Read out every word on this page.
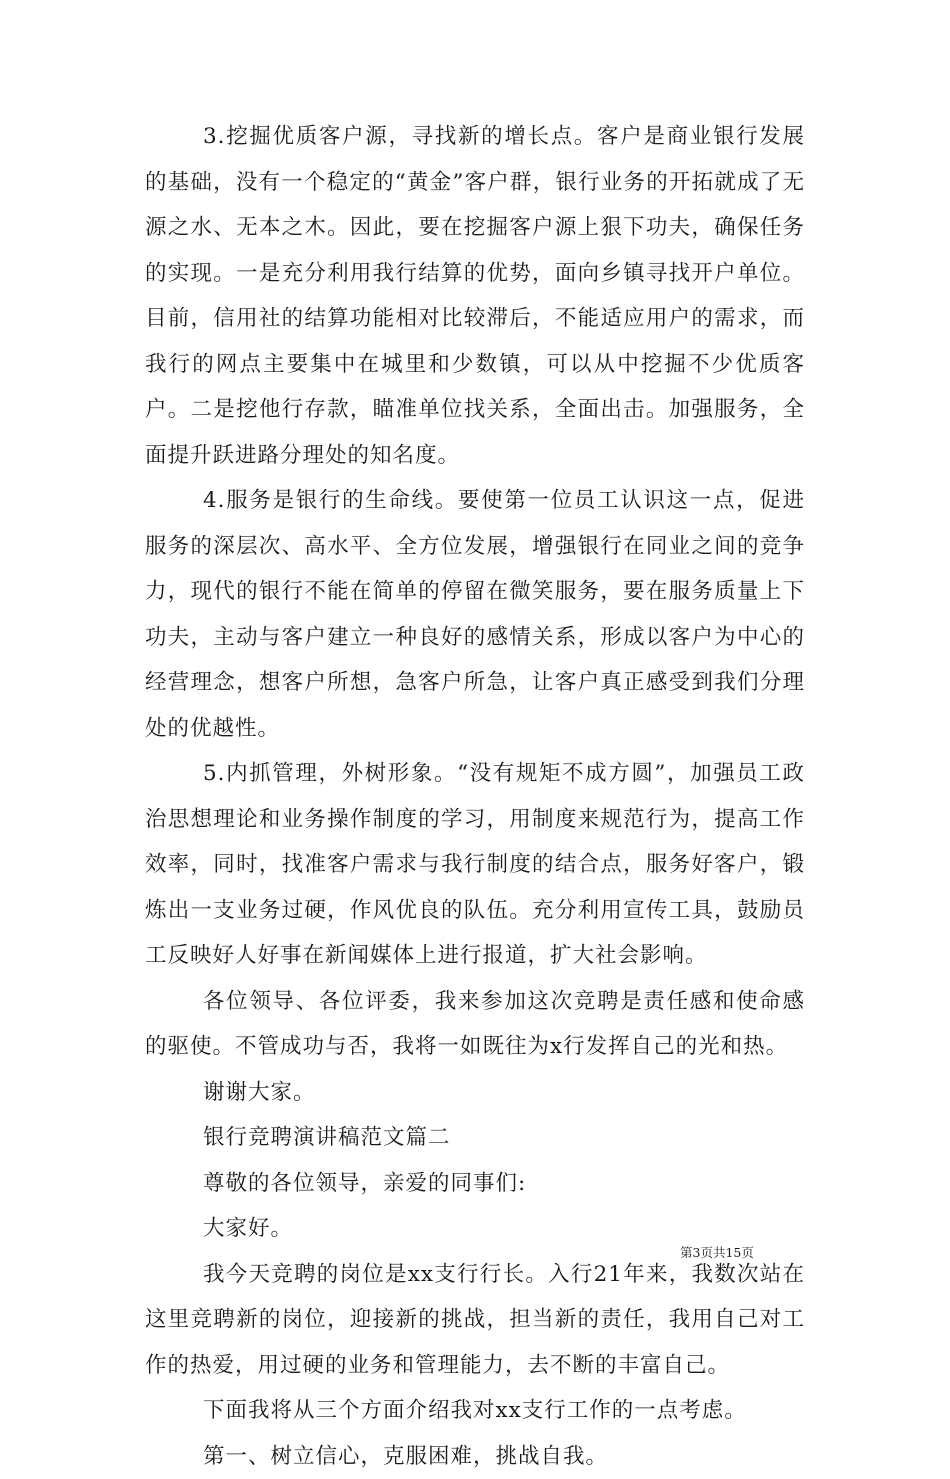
3.挖掘优质客户源，寻找新的增长点。客户是商业银行发展的基础，没有一个稳定的“黄金”客户群，银行业务的开拓就成了无源之水、无本之木。因此，要在挖掘客户源上狠下功夫，确保任务的实现。一是充分利用我行结算的优势，面向乡镇寻找开户单位。目前，信用社的结算功能相对比较滞后，不能适应用户的需求，而我行的网点主要集中在城里和少数镇，可以从中挖掘不少优质客户。二是挖他行存款，瞄准单位找关系，全面出击。加强服务，全面提升跃进路分理处的知名度。

4.服务是银行的生命线。要使第一位员工认识这一点，促进服务的深层次、高水平、全方位发展，增强银行在同业之间的竞争力，现代的银行不能在简单的停留在微笑服务，要在服务质量上下功夫，主动与客户建立一种良好的感情关系，形成以客户为中心的经营理念，想客户所想，急客户所急，让客户真正感受到我们分理处的优越性。

5.内抓管理，外树形象。“没有规矩不成方圆”，加强员工政治思想理论和业务操作制度的学习，用制度来规范行为，提高工作效率，同时，找准客户需求与我行制度的结合点，服务好客户，锻炼出一支业务过硬，作风优良的队伍。充分利用宣传工具，鼓励员工反映好人好事在新闻媒体上进行报道，扩大社会影响。

各位领导、各位评委，我来参加这次竞聘是责任感和使命感的驱使。不管成功与否，我将一如既往为x行发挥自己的光和热。

谢谢大家。

银行竞聘演讲稿范文篇二

尊敬的各位领导，亲爱的同事们:

大家好。

我今天竞聘的岗位是xx支行行长。入行21年来，我数次站在这里竞聘新的岗位，迎接新的挑战，担当新的责任，我用自己对工作的热爱，用过硬的业务和管理能力，去不断的丰富自己。

下面我将从三个方面介绍我对xx支行工作的一点考虑。

第一、树立信心，克服困难，挑战自我。

第3页共15页
